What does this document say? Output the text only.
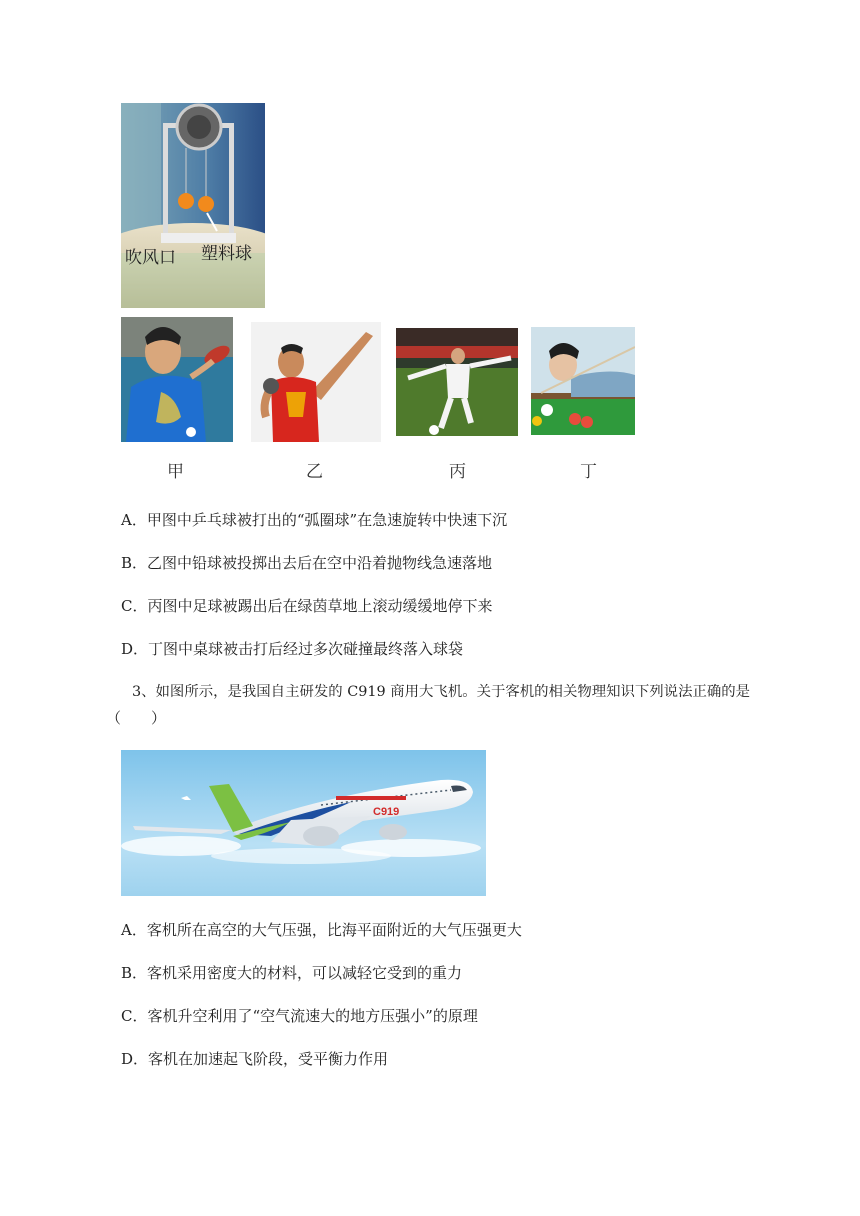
吹风口 塑料球
甲	乙	丙	丁
A．甲图中乒乓球被打出的“弧圈球”在急速旋转中快速下沉
B．乙图中铅球被投掷出去后在空中沿着抛物线急速落地
C．丙图中足球被踢出后在绿茵草地上滚动缓缓地停下来
D．丁图中桌球被击打后经过多次碰撞最终落入球袋
3、如图所示，是我国自主研发的 C919 商用大飞机。关于客机的相关物理知识下列说法正确的是
（　　）
C919
A．客机所在高空的大气压强，比海平面附近的大气压强更大
B．客机采用密度大的材料，可以减轻它受到的重力
C．客机升空利用了“空气流速大的地方压强小”的原理
D．客机在加速起飞阶段，受平衡力作用
